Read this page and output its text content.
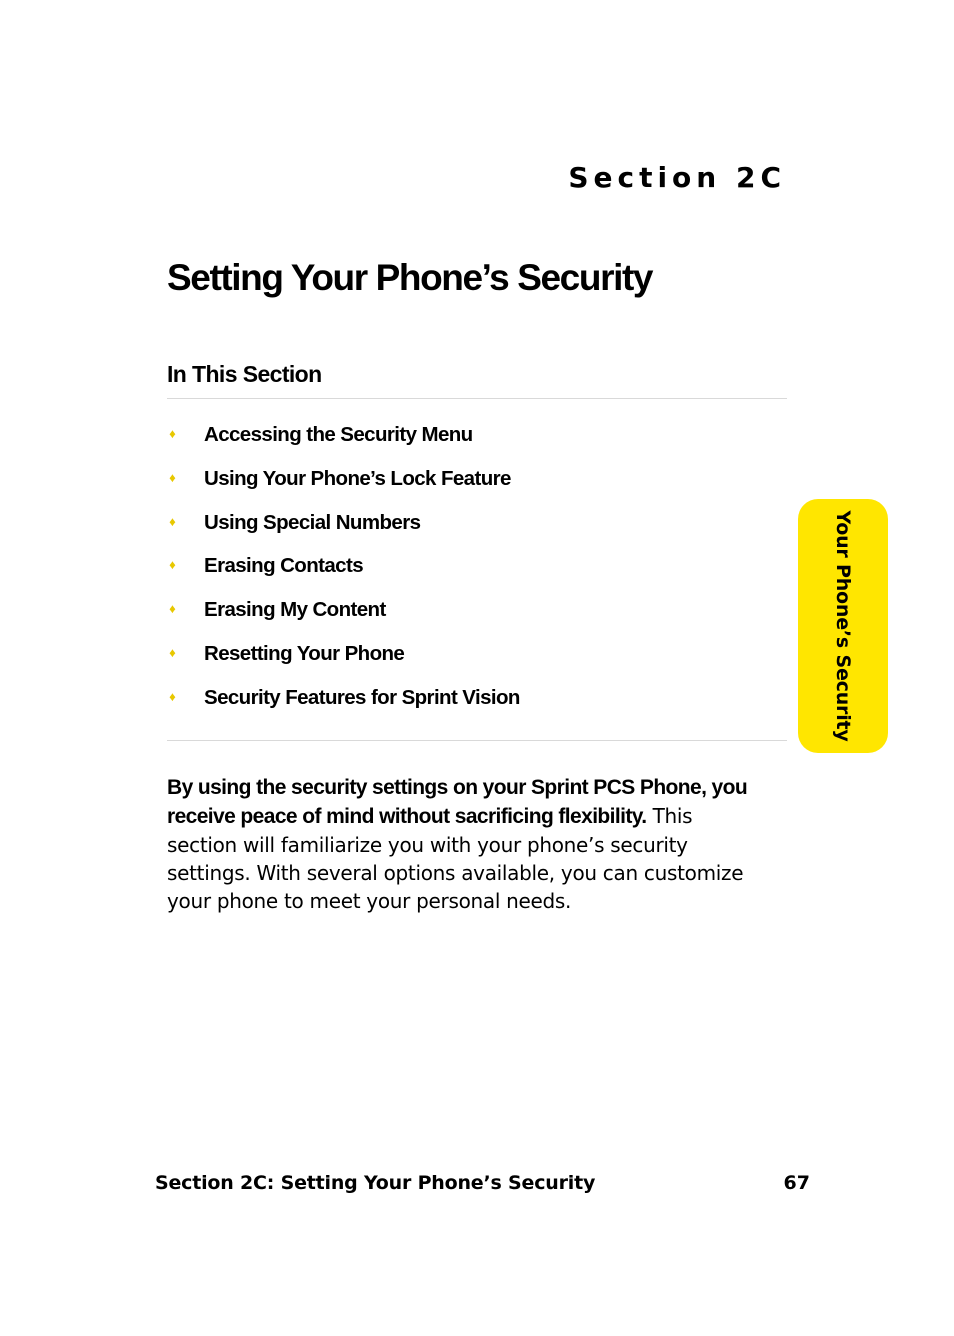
Section 2C
Setting Your Phone’s Security
In This Section
♦ Accessing the Security Menu
♦ Using Your Phone’s Lock Feature
♦ Using Special Numbers
♦ Erasing Contacts
♦ Erasing My Content
♦ Resetting Your Phone
♦ Security Features for Sprint Vision

By using the security settings on your Sprint PCS Phone, you receive peace of mind without sacrificing flexibility. This section will familiarize you with your phone’s security settings. With several options available, you can customize your phone to meet your personal needs.

Your Phone’s Security
Section 2C: Setting Your Phone’s Security	67
